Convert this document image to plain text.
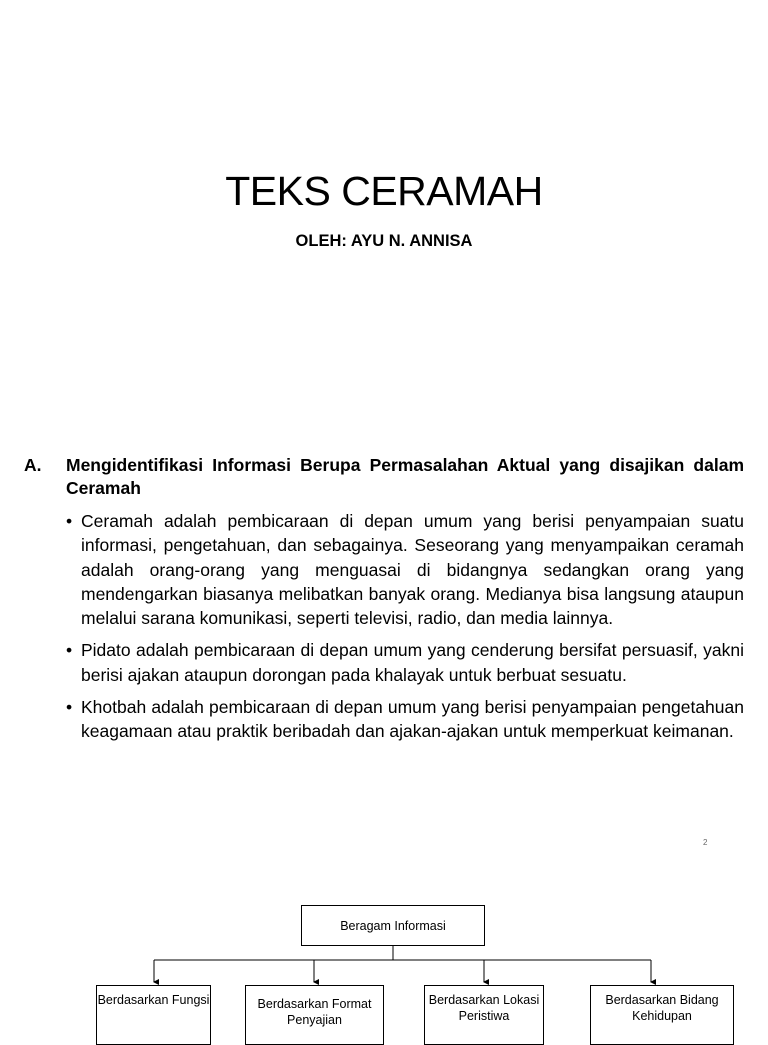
TEKS CERAMAH
OLEH: AYU N. ANNISA
A.	Mengidentifikasi Informasi Berupa Permasalahan Aktual yang disajikan dalam Ceramah
• Ceramah adalah pembicaraan di depan umum yang berisi penyampaian suatu informasi, pengetahuan, dan sebagainya. Seseorang yang menyampaikan ceramah adalah orang-orang yang menguasai di bidangnya sedangkan orang yang mendengarkan biasanya melibatkan banyak orang. Medianya bisa langsung ataupun melalui sarana komunikasi, seperti televisi, radio, dan media lainnya.
• Pidato adalah pembicaraan di depan umum yang cenderung bersifat persuasif, yakni berisi ajakan ataupun dorongan pada khalayak untuk berbuat sesuatu.
• Khotbah adalah pembicaraan di depan umum yang berisi penyampaian pengetahuan keagamaan atau praktik beribadah dan ajakan-ajakan untuk memperkuat keimanan.
2
Beragam Informasi
Berdasarkan Fungsi	Berdasarkan Format Penyajian
Berdasarkan Lokasi Peristiwa
Berdasarkan Bidang Kehidupan
